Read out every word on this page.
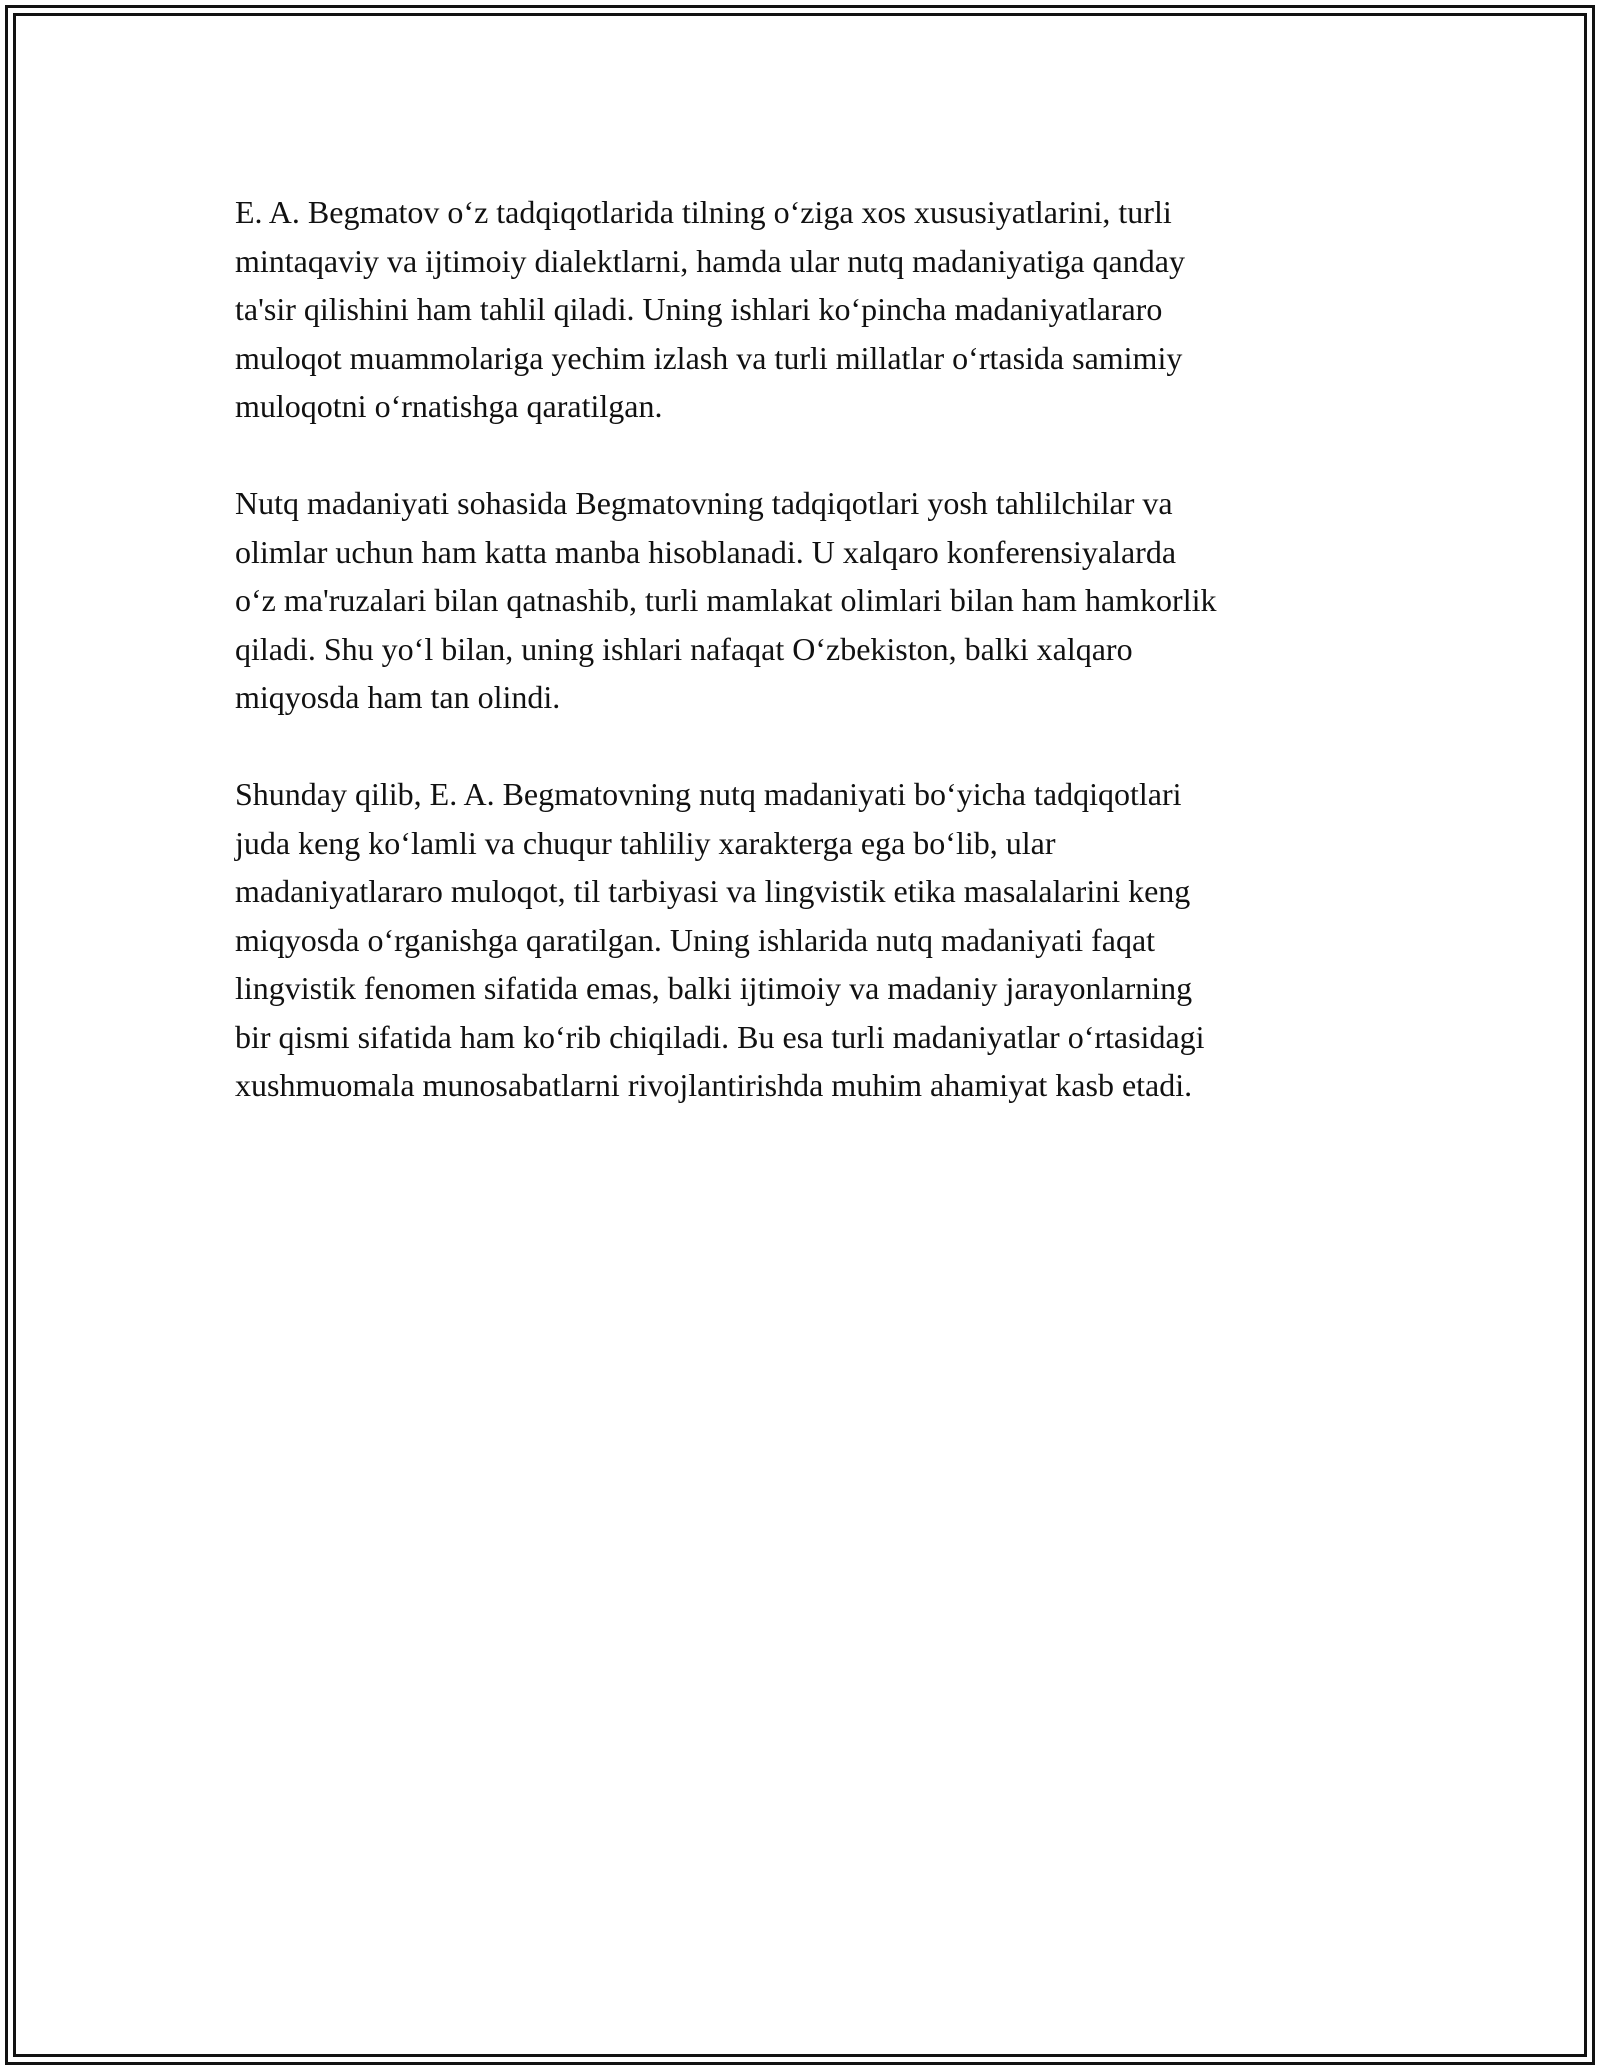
E. A. Begmatov o‘z tadqiqotlarida tilning o‘ziga xos xususiyatlarini, turli
mintaqaviy va ijtimoiy dialektlarni, hamda ular nutq madaniyatiga qanday
ta'sir qilishini ham tahlil qiladi. Uning ishlari ko‘pincha madaniyatlararo
muloqot muammolariga yechim izlash va turli millatlar o‘rtasida samimiy
muloqotni o‘rnatishga qaratilgan.

Nutq madaniyati sohasida Begmatovning tadqiqotlari yosh tahlilchilar va
olimlar uchun ham katta manba hisoblanadi. U xalqaro konferensiyalarda
o‘z ma'ruzalari bilan qatnashib, turli mamlakat olimlari bilan ham hamkorlik
qiladi. Shu yo‘l bilan, uning ishlari nafaqat O‘zbekiston, balki xalqaro
miqyosda ham tan olindi.

Shunday qilib, E. A. Begmatovning nutq madaniyati bo‘yicha tadqiqotlari
juda keng ko‘lamli va chuqur tahliliy xarakterga ega bo‘lib, ular
madaniyatlararo muloqot, til tarbiyasi va lingvistik etika masalalarini keng
miqyosda o‘rganishga qaratilgan. Uning ishlarida nutq madaniyati faqat
lingvistik fenomen sifatida emas, balki ijtimoiy va madaniy jarayonlarning
bir qismi sifatida ham ko‘rib chiqiladi. Bu esa turli madaniyatlar o‘rtasidagi
xushmuomala munosabatlarni rivojlantirishda muhim ahamiyat kasb etadi.
